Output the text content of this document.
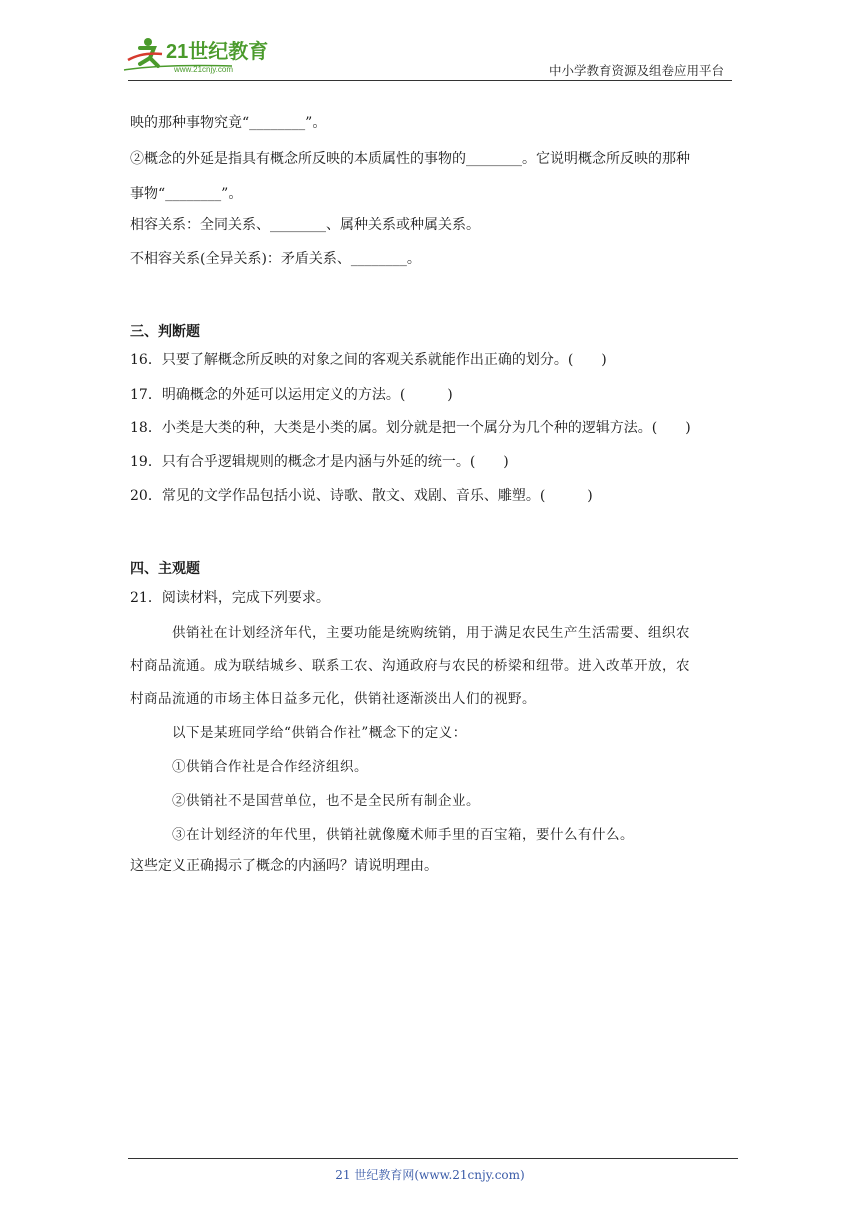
21世纪教育
www.21cnjy.com	中小学教育资源及组卷应用平台
映的那种事物究竟“________”。
②概念的外延是指具有概念所反映的本质属性的事物的________。它说明概念所反映的那种
事物“________”。
相容关系：全同关系、________、属种关系或种属关系。
不相容关系(全异关系)：矛盾关系、________。
三、判断题
16．只要了解概念所反映的对象之间的客观关系就能作出正确的划分。(　　)
17．明确概念的外延可以运用定义的方法。(　　　)
18．小类是大类的种，大类是小类的属。划分就是把一个属分为几个种的逻辑方法。(　　)
19．只有合乎逻辑规则的概念才是内涵与外延的统一。(　　)
20．常见的文学作品包括小说、诗歌、散文、戏剧、音乐、雕塑。(　　　)
四、主观题
21．阅读材料，完成下列要求。
供销社在计划经济年代，主要功能是统购统销，用于满足农民生产生活需要、组织农
村商品流通。成为联结城乡、联系工农、沟通政府与农民的桥梁和纽带。进入改革开放，农
村商品流通的市场主体日益多元化，供销社逐渐淡出人们的视野。
以下是某班同学给“供销合作社”概念下的定义：
①供销合作社是合作经济组织。
②供销社不是国营单位，也不是全民所有制企业。
③在计划经济的年代里，供销社就像魔术师手里的百宝箱，要什么有什么。
这些定义正确揭示了概念的内涵吗？请说明理由。
21 世纪教育网(www.21cnjy.com)
